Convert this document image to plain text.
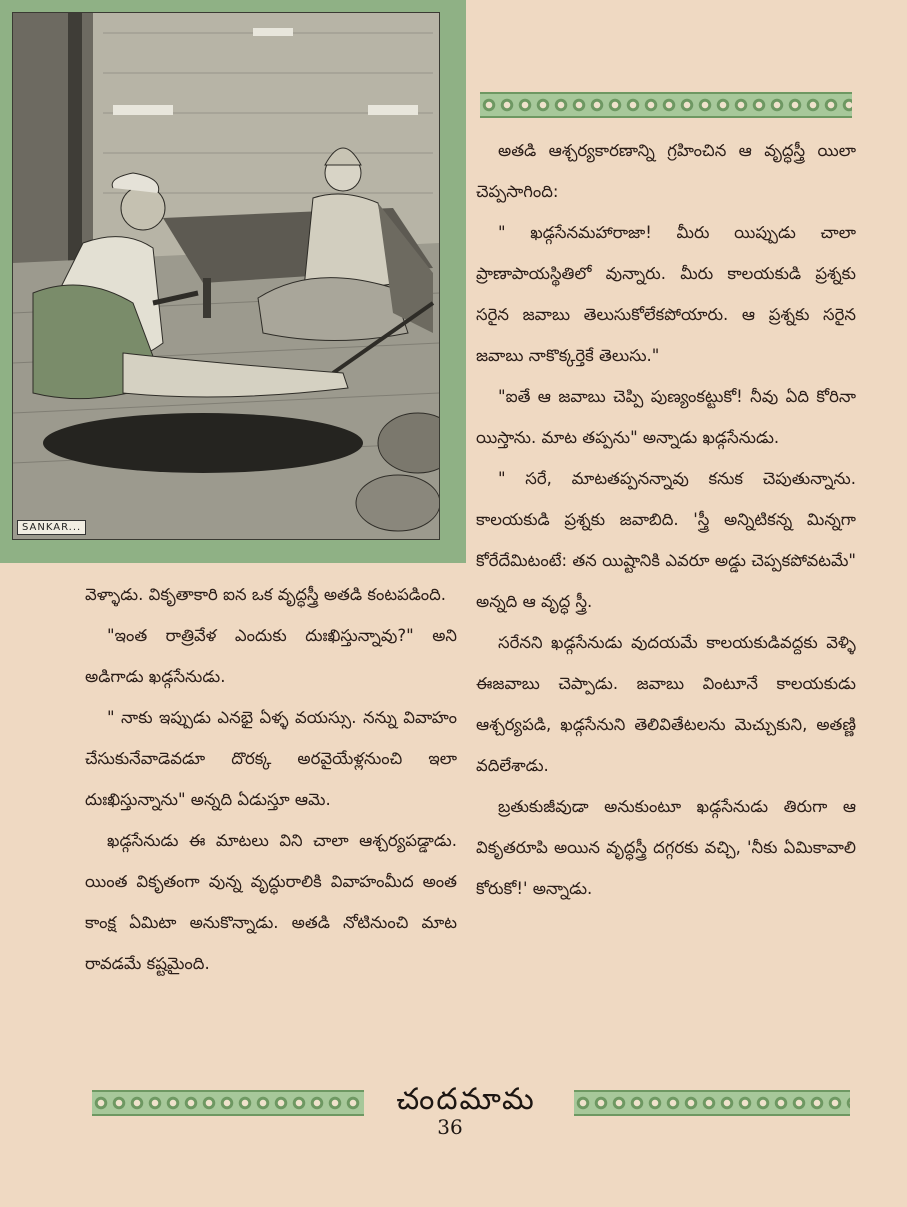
SANKAR...

అతడి ఆశ్చర్యకారణాన్ని గ్రహించిన ఆ వృద్ధస్త్రీ యిలా చెప్పసాగింది:

" ఖడ్గసేనమహారాజా! మీరు యిప్పుడు చాలా ప్రాణాపాయస్థితిలో వున్నారు. మీరు కాలయకుడి ప్రశ్నకు సరైన జవాబు తెలుసుకోలేకపోయారు. ఆ ప్రశ్నకు సరైన జవాబు నాకొక్కర్తెకే తెలుసు."

"ఐతే ఆ జవాబు చెప్పి పుణ్యంకట్టుకో! నీవు ఏది కోరినా యిస్తాను. మాట తప్పను" అన్నాడు ఖడ్గసేనుడు.

" సరే, మాటతప్పనన్నావు కనుక చెపుతున్నాను. కాలయకుడి ప్రశ్నకు జవాబిది. 'స్త్రీ అన్నిటికన్న మిన్నగా కోరేదేమిటంటే: తన యిష్టానికి ఎవరూ అడ్డు చెప్పకపోవటమే" అన్నది ఆ వృద్ధ స్త్రీ.

సరేనని ఖడ్గసేనుడు వుదయమే కాలయకుడివద్దకు వెళ్ళి ఈజవాబు చెప్పాడు. జవాబు వింటూనే కాలయకుడు ఆశ్చర్యపడి, ఖడ్గసేనుని తెలివితేటలను మెచ్చుకుని, అతణ్ణి వదిలేశాడు.

బ్రతుకుజీవుడా అనుకుంటూ ఖడ్గసేనుడు తిరుగా ఆ వికృతరూపి అయిన వృద్ధస్త్రీ దగ్గరకు వచ్చి, 'నీకు ఏమికావాలి కోరుకో!' అన్నాడు.

వెళ్ళాడు. వికృతాకారి ఐన ఒక వృద్ధస్త్రీ అతడి కంటపడింది.

"ఇంత రాత్రివేళ ఎందుకు దుఃఖిస్తున్నావు?" అని అడిగాడు ఖడ్గసేనుడు.

" నాకు ఇప్పుడు ఎనభై ఏళ్ళ వయస్సు. నన్ను వివాహం చేసుకునేవాడెవడూ దొరక్క అరవైయేళ్లనుంచి ఇలా దుఃఖిస్తున్నాను" అన్నది ఏడుస్తూ ఆమె.

ఖడ్గసేనుడు ఈ మాటలు విని చాలా ఆశ్చర్యపడ్డాడు. యింత వికృతంగా వున్న వృద్ధురాలికి వివాహంమీద అంత కాంక్ష ఏమిటా అనుకొన్నాడు. అతడి నోటినుంచి మాట రావడమే కష్టమైంది.

చందమామ
36
